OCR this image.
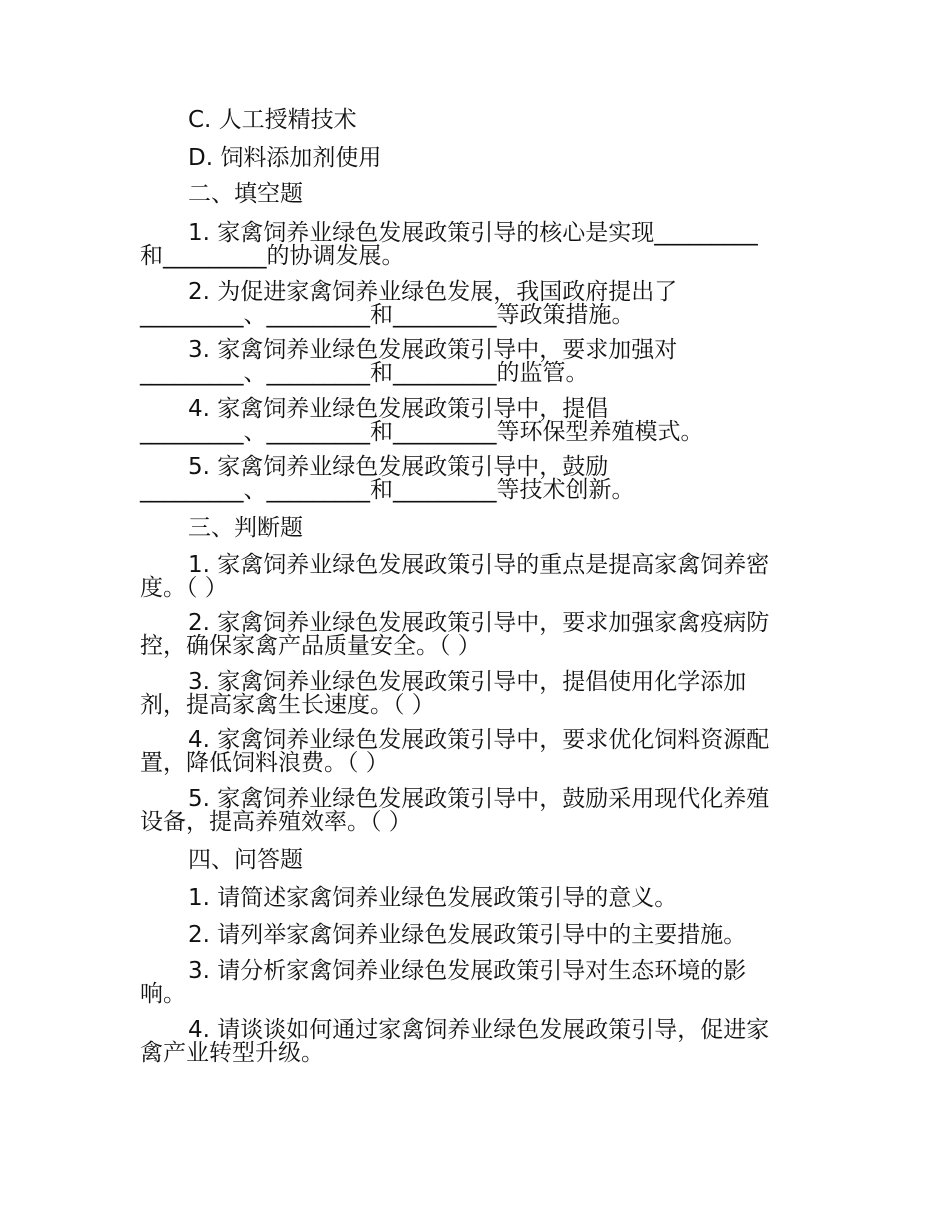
C. 人工授精技术
D. 饲料添加剂使用
二、填空题
1. 家禽饲养业绿色发展政策引导的核心是实现_________
和_________的协调发展。
2. 为促进家禽饲养业绿色发展，我国政府提出了
_________、_________和_________等政策措施。
3. 家禽饲养业绿色发展政策引导中，要求加强对
_________、_________和_________的监管。
4. 家禽饲养业绿色发展政策引导中，提倡
_________、_________和_________等环保型养殖模式。
5. 家禽饲养业绿色发展政策引导中，鼓励
_________、_________和_________等技术创新。
三、判断题
1. 家禽饲养业绿色发展政策引导的重点是提高家禽饲养密
度。（ ）
2. 家禽饲养业绿色发展政策引导中，要求加强家禽疫病防
控，确保家禽产品质量安全。（ ）
3. 家禽饲养业绿色发展政策引导中，提倡使用化学添加
剂，提高家禽生长速度。（ ）
4. 家禽饲养业绿色发展政策引导中，要求优化饲料资源配
置，降低饲料浪费。（ ）
5. 家禽饲养业绿色发展政策引导中，鼓励采用现代化养殖
设备，提高养殖效率。（ ）
四、问答题
1. 请简述家禽饲养业绿色发展政策引导的意义。
2. 请列举家禽饲养业绿色发展政策引导中的主要措施。
3. 请分析家禽饲养业绿色发展政策引导对生态环境的影
响。
4. 请谈谈如何通过家禽饲养业绿色发展政策引导，促进家
禽产业转型升级。
